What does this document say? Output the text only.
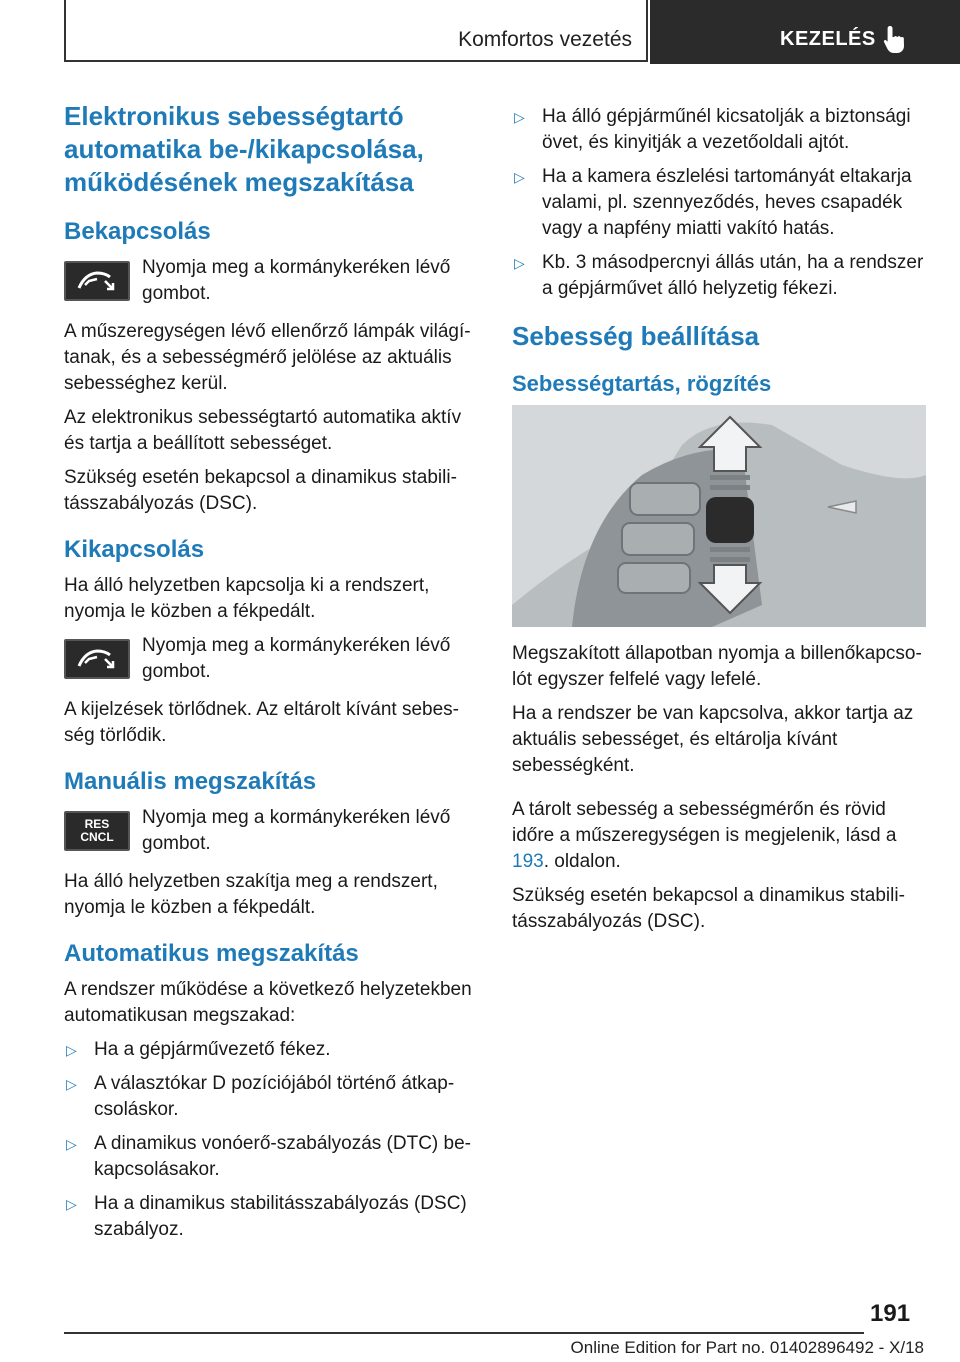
Komfortos vezetés	KEZELÉS
Elektronikus sebességtartó automatika be-/kikapcsolása, működésének megszakítása
Bekapcsolás

Nyomja meg a kormánykeréken lévő gombot.

A műszeregységen lévő ellenőrző lámpák világítanak, és a sebességmérő jelölése az aktuális sebességhez kerül.

Az elektronikus sebességtartó automatika aktív és tartja a beállított sebességet.

Szükség esetén bekapcsol a dinamikus stabilitásszabályozás (DSC).

Kikapcsolás

Ha álló helyzetben kapcsolja ki a rendszert, nyomja le közben a fékpedált.

Nyomja meg a kormánykeréken lévő gombot.

A kijelzések törlődnek. Az eltárolt kívánt sebesség törlődik.

Manuális megszakítás
RES
CNCL

Nyomja meg a kormánykeréken lévő gombot.

Ha álló helyzetben szakítja meg a rendszert, nyomja le közben a fékpedált.

Automatikus megszakítás

A rendszer működése a következő helyzetekben automatikusan megszakad:

▷ Ha a gépjárművezető fékez.
▷ A választókar D pozíciójából történő átkapcsoláskor.
▷ A dinamikus vonóerő-szabályozás (DTC) bekapcsolásakor.
▷ Ha a dinamikus stabilitásszabályozás (DSC) szabályoz.
▷ Ha álló gépjárműnél kicsatolják a biztonsági övet, és kinyitják a vezetőoldali ajtót.
▷ Ha a kamera észlelési tartományát eltakarja valami, pl. szennyeződés, heves csapadék vagy a napfény miatti vakító hatás.
▷ Kb. 3 másodpercnyi állás után, ha a rendszer a gépjárművet álló helyzetig fékezi.
Sebesség beállítása
Sebességtartás, rögzítés

Megszakított állapotban nyomja a billenőkapcsolót egyszer felfelé vagy lefelé.

Ha a rendszer be van kapcsolva, akkor tartja az aktuális sebességet, és eltárolja kívánt sebességként.

A tárolt sebesség a sebességmérőn és rövid időre a műszeregységen is megjelenik, lásd a 193. oldalon.

Szükség esetén bekapcsol a dinamikus stabilitásszabályozás (DSC).

191
Online Edition for Part no. 01402896492 - X/18
